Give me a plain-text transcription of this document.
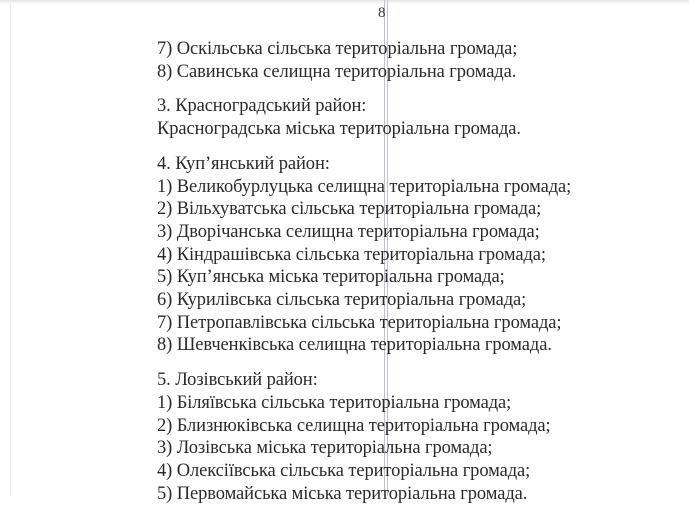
8

7) Оскільська сільська територіальна громада;

8) Савинська селищна територіальна громада.

3. Красноградський район:

Красноградська міська територіальна громада.

4. Куп’янський район:

1) Великобурлуцька селищна територіальна громада;

2) Вільхуватська сільська територіальна громада;

3) Дворічанська селищна територіальна громада;

4) Кіндрашівська сільська територіальна громада;

5) Куп’янська міська територіальна громада;

6) Курилівська сільська територіальна громада;

7) Петропавлівська сільська територіальна громада;

8) Шевченківська селищна територіальна громада.

5. Лозівський район:

1) Біляївська сільська територіальна громада;

2) Близнюківська селищна територіальна громада;

3) Лозівська міська територіальна громада;

4) Олексіївська сільська територіальна громада;

5) Первомайська міська територіальна громада.
